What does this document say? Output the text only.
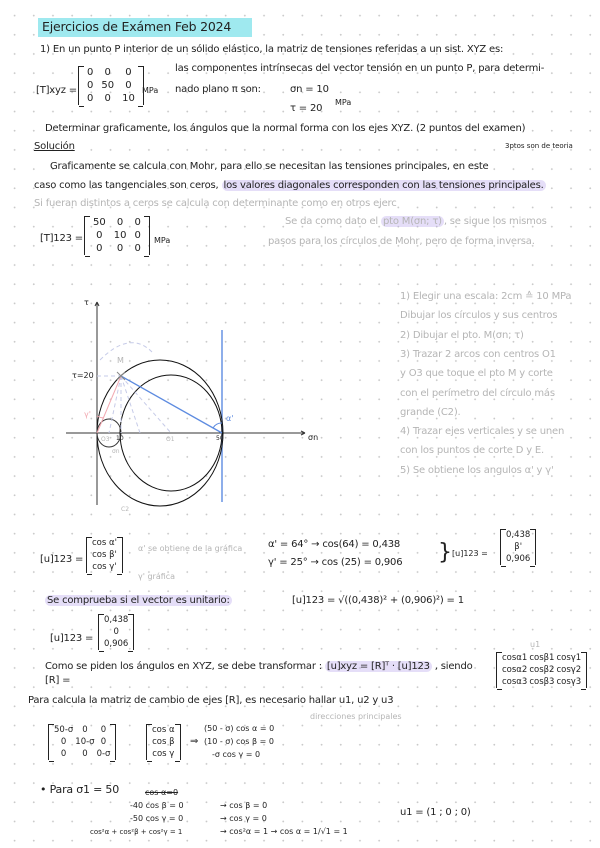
Ejercicios de Exámen Feb 2024
1) En un punto P interior de un sólido elástico, la matriz de tensiones referidas a un sist. XYZ es:
[T]xyz =
0	0	0
0	50	0
0	0	10
MPa
las componentes intrínsecas del vector tensión en un punto P, para determi-
nado plano π son:	σn = 10
τ = 20
MPa
Determinar graficamente, los ángulos que la normal forma con los ejes XYZ. (2 puntos del examen)
3ptos son de teoria
Solución
Graficamente se calcula con Mohr, para ello se necesitan las tensiones principales, en este
caso como las tangenciales son ceros, los valores diagonales corresponden con las tensiones principales.
Si fueran distintos a ceros se calcula con determinante como en otros ejerc
[T]123 =
50	0	0
0	10	0
0	0	0
MPa
Se da como dato el pto M(σn; τ) , se sigue los mismos
pasos para los círculos de Mohr, pero de forma inversa.
τ
σn
τ=20
M
O3	O1
10	50
σn
α'
γ'
C2
1) Elegir una escala: 2cm ≙ 10 MPa
Dibujar los círculos y sus centros
2) Dibujar el pto. M(σn; τ)
3) Trazar 2 arcos con centros O1
y O3 que toque el pto M y corte
con el perímetro del círculo más
grande (C2).
4) Trazar ejes verticales y se unen
con los puntos de corte D y E.
5) Se obtiene los angulos α' y γ'
[u]123 =
cos α'
cos β'
cos γ'
α' se obtiene de la gráfica
γ' gráfica
α' = 64° → cos(64) = 0,438
γ' = 25° → cos (25) = 0,906 } [u]123 =
0,438
β'
0,906
Se comprueba si el vector es unitario:	[u]123 = √((0,438)² + (0,906)²) = 1
[u]123 =
Como se piden los ángulos en XYZ, se debe transformar : [u]xyz = [R]ᵀ · [u]123 , siendo [R] =
0,438
0
0,906	u1
cosα1	cosβ1	cosγ1
cosα2	cosβ2	cosγ2
cosα3	cosβ3	cosγ3
Para calcula la matriz de cambio de ejes [R], es necesario hallar u1, u2 y u3
direcciones principales
50-σ	0	0
0	10-σ	0
0	0	0-σ
cos α
cos β
cos γ
⇒
(50 - σ) cos α = 0
(10 - σ) cos β = 0
-σ cos γ = 0
• Para σ1 = 50	cos α=0
-40 cos β = 0
-50 cos γ = 0
cos²α + cos²β + cos²γ = 1
→ cos β = 0
→ cos γ = 0
→ cos²α = 1 → cos α = 1/√1 = 1
u1 = (1 ; 0 ; 0)
